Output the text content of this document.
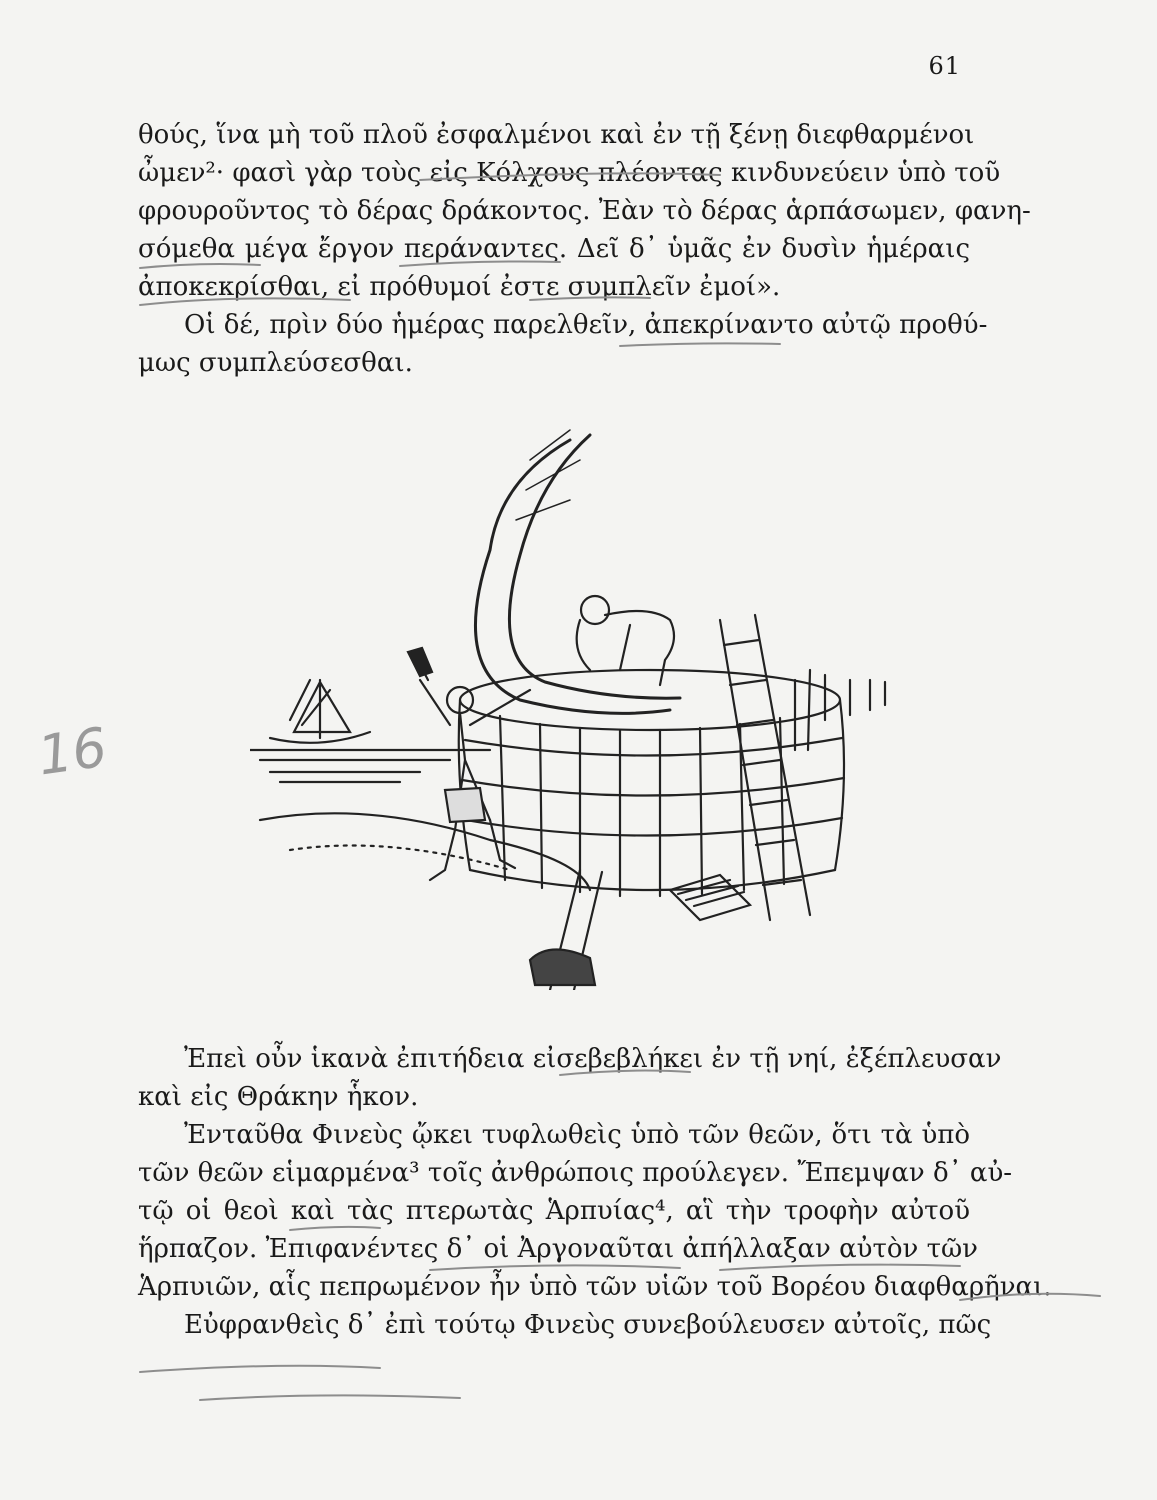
61
16
θούς, ἵνα μὴ τοῦ πλοῦ ἐσφαλμένοι καὶ ἐν τῇ ξένῃ διεφθαρμένοι
ὦμεν²· φασὶ γὰρ τοὺς εἰς Κόλχους πλέοντας κινδυνεύειν ὑπὸ τοῦ
φρουροῦντος τὸ δέρας δράκοντος. Ἐὰν τὸ δέρας ἁρπάσωμεν, φανη-
σόμεθα μέγα ἔργον περάναντες. Δεῖ δ᾽ ὑμᾶς ἐν δυσὶν ἡμέραις
ἀποκεκρίσθαι, εἰ πρόθυμοί ἐστε συμπλεῖν ἐμοί».
Οἱ δέ, πρὶν δύο ἡμέρας παρελθεῖν, ἀπεκρίναντο αὐτῷ προθύ-
μως συμπλεύσεσθαι.
Ἐπεὶ οὖν ἱκανὰ ἐπιτήδεια εἰσεβεβλήκει ἐν τῇ νηί, ἐξέπλευσαν
καὶ εἰς Θράκην ἧκον.
Ἐνταῦθα Φινεὺς ᾤκει τυφλωθεὶς ὑπὸ τῶν θεῶν, ὅτι τὰ ὑπὸ
τῶν θεῶν εἱμαρμένα³ τοῖς ἀνθρώποις προύλεγεν. Ἔπεμψαν δ᾽ αὐ-
τῷ οἱ θεοὶ καὶ τὰς πτερωτὰς Ἁρπυίας⁴, αἳ τὴν τροφὴν αὐτοῦ
ἥρπαζον. Ἐπιφανέντες δ᾽ οἱ Ἀργοναῦται ἀπήλλαξαν αὐτὸν τῶν
Ἁρπυιῶν, αἷς πεπρωμένον ἦν ὑπὸ τῶν υἱῶν τοῦ Βορέου διαφθαρῆναι.
Εὐφρανθεὶς δ᾽ ἐπὶ τούτῳ Φινεὺς συνεβούλευσεν αὐτοῖς, πῶς
